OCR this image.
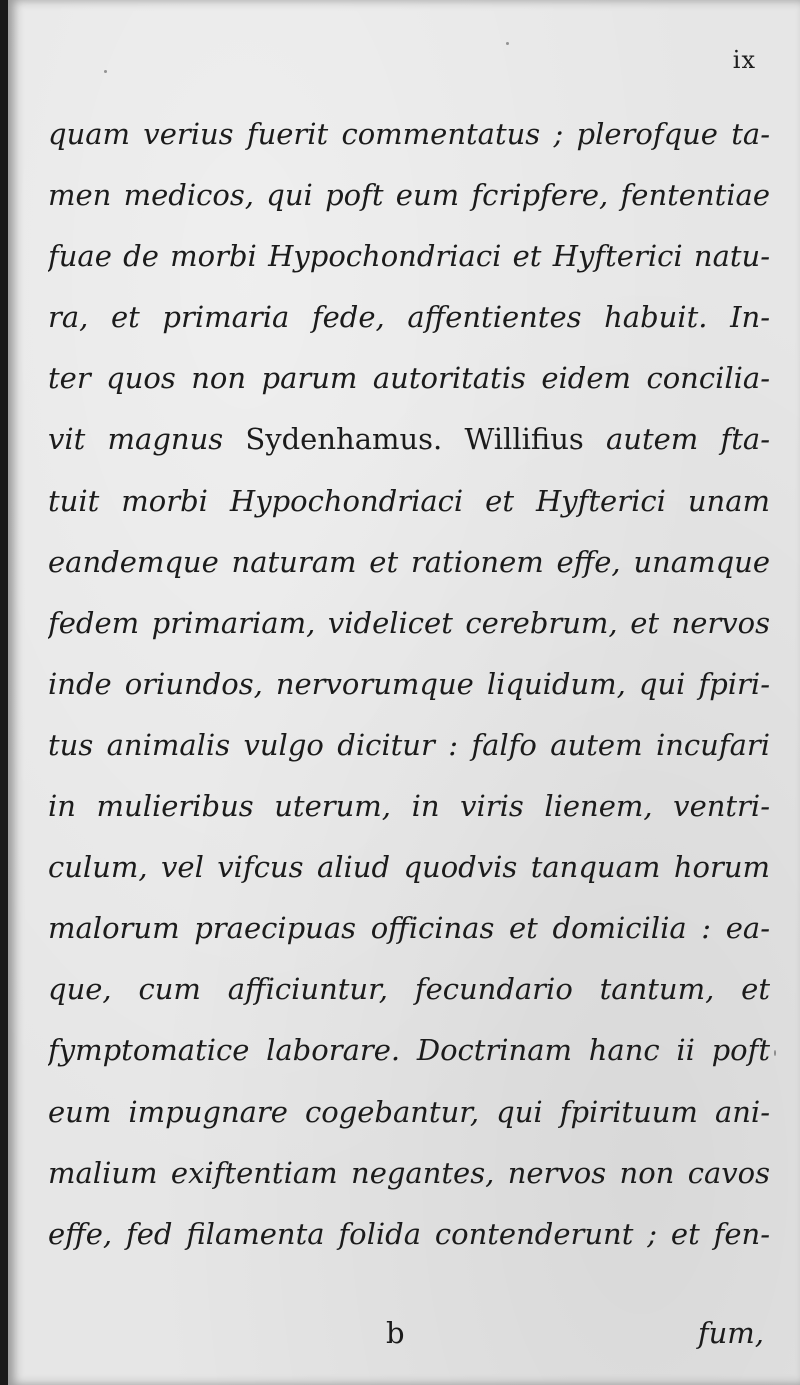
ix
quam verius fuerit commentatus ; plerofque ta-
men medicos, qui poft eum fcripfere, fententiae
fuae de morbi Hypochondriaci et Hyfterici natu-
ra, et primaria fede, affentientes habuit. In-
ter quos non parum autoritatis eidem concilia-
vit magnus Sydenhamus. Willifius autem fta-
tuit morbi Hypochondriaci et Hyfterici unam
eandemque naturam et rationem effe, unamque
fedem primariam, videlicet cerebrum, et nervos
inde oriundos, nervorumque liquidum, qui fpiri-
tus animalis vulgo dicitur : falfo autem incufari
in mulieribus uterum, in viris lienem, ventri-
culum, vel vifcus aliud quodvis tanquam horum
malorum praecipuas officinas et domicilia : ea-
que, cum afficiuntur, fecundario tantum, et
fymptomatice laborare. Doctrinam hanc ii poft
eum impugnare cogebantur, qui fpirituum ani-
malium exiftentiam negantes, nervos non cavos
effe, fed filamenta folida contenderunt ; et fen-
b	fum,
